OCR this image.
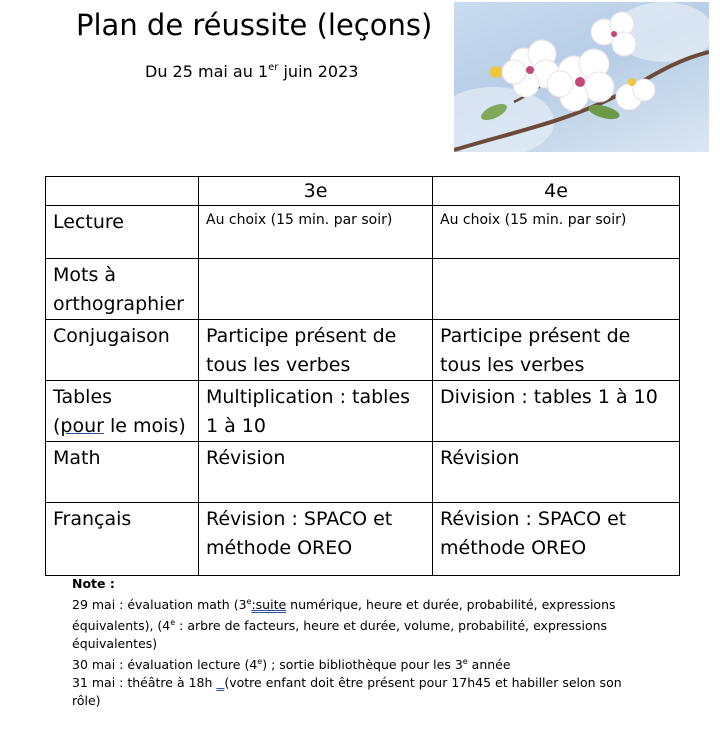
Plan de réussite (leçons)
Du 25 mai au 1er juin 2023
	3e	4e
Lecture	Au choix (15 min. par soir)	Au choix (15 min. par soir)
Mots à
orthographier		
Conjugaison	Participe présent de tous les verbes	Participe présent de tous les verbes
Tables
(pour le mois)	Multiplication : tables 1 à 10	Division : tables 1 à 10
Math	Révision	Révision
Français	Révision : SPACO et méthode OREO	Révision : SPACO et méthode OREO
Note :
29 mai : évaluation math (3e:suite numérique, heure et durée, probabilité, expressions équivalents), (4e : arbre de facteurs, heure et durée, volume, probabilité, expressions équivalentes)
30 mai : évaluation lecture (4e) ; sortie bibliothèque pour les 3e année
31 mai : théâtre à 18h   (votre enfant doit être présent pour 17h45 et habiller selon son rôle)
